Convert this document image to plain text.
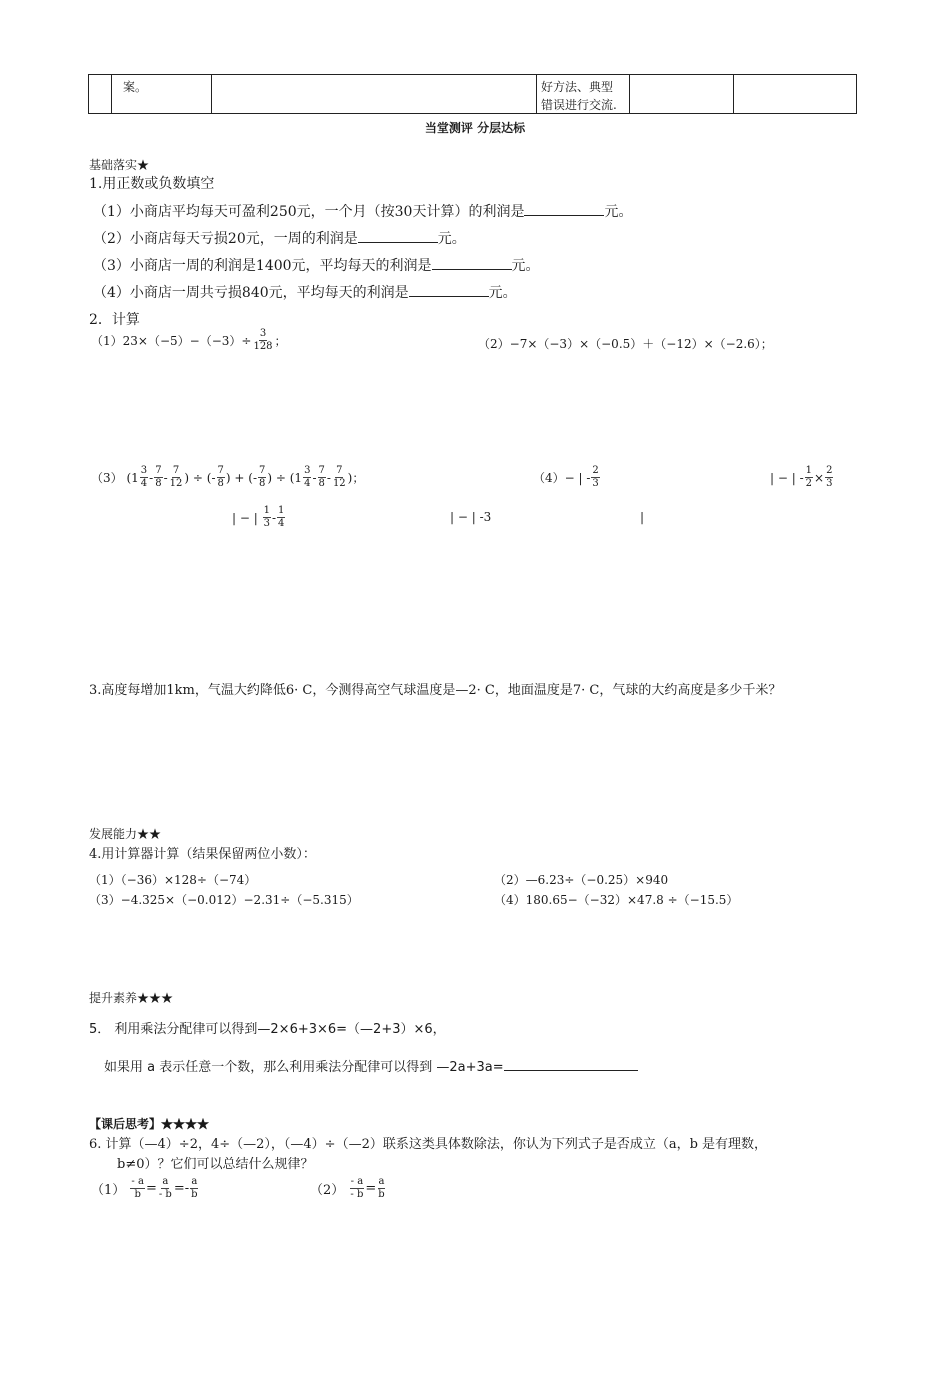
案。	好方法、典型
错误进行交流.
当堂测评 分层达标
基础落实★
1.用正数或负数填空
（1）小商店平均每天可盈利250元，一个月（按30天计算）的利润是	元。
（2）小商店每天亏损20元，一周的利润是	元。
（3）小商店一周的利润是1400元，平均每天的利润是	元。
（4）小商店一周共亏损840元，平均每天的利润是	元。
2．计算
$(1)23\times(-5)-(-3)\div \frac{3}{128}$ ；	（2）−7×（−3）×（−0.5）＋（−12）×（−2.6）；
（3）
($1 \frac{3}{4} - \frac{7}{8} - \frac{7}{12}$ ) ÷ (- $\frac{7}{8}$ ) + (- $\frac{7}{8}$ ) ÷ ($1 \frac{3}{4} - \frac{7}{8} - \frac{7}{12}$ )；	（4）− | - $\frac{2}{3}$	| − | - $\frac{1}{2} \times \frac{2}{3}$
| − |
$\frac{1}{3} - \frac{1}{4}$	| − | -3	|
3.高度每增加1km，气温大约降低6· C，今测得高空气球温度是—2· C，地面温度是7· C，气球的大约高度是多少千米？
发展能力★★
4.用计算器计算（结果保留两位小数）：
（1）（−36）×128÷（−74）	（2）—6.23÷（−0.25）×940
（3）−4.325×（−0.012）−2.31÷（−5.315）	（4）180.65−（−32）×47.8 ÷（−15.5）
提升素养★★★
5． 利用乘法分配律可以得到—2×6+3×6=（—2+3）×6，
如果用 a 表示任意一个数，那么利用乘法分配律可以得到 —2a+3a=
【课后思考】★★★★
6. 计算（—4）÷2，4÷（—2），（—4）÷（—2）联系这类具体数除法，你认为下列式子是否成立（a，b 是有理数，
b≠0）？它们可以总结什么规律？
（1）
$\frac{- a}{b} = \frac{a}{- b} =- \frac{a}{b}$	（2）
$\frac{- a}{- b} = \frac{a}{b}$
